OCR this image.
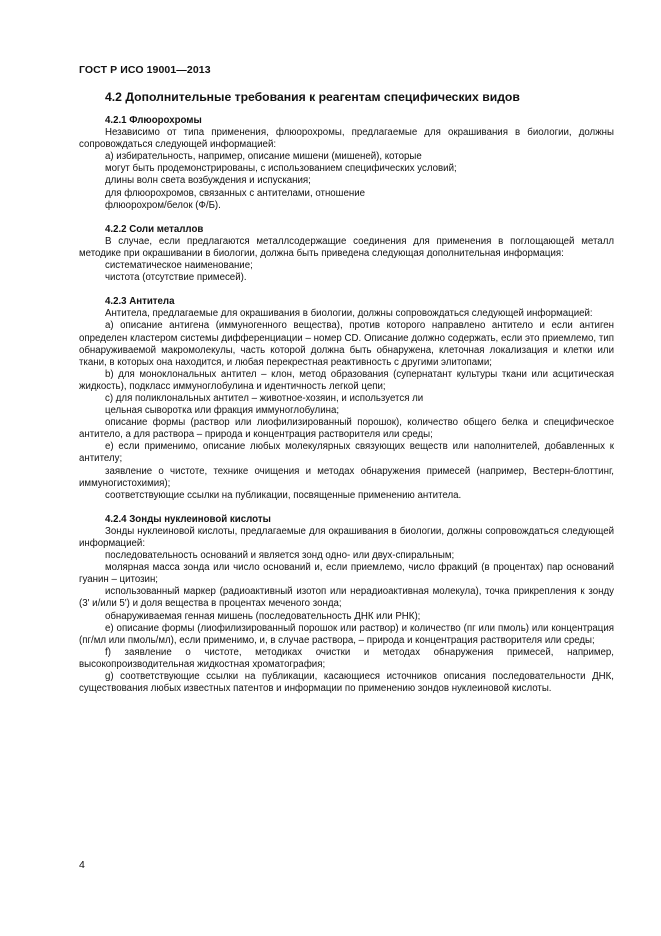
ГОСТ Р ИСО 19001—2013
4.2 Дополнительные требования к реагентам специфических видов

4.2.1 Флюорохромы

Независимо от типа применения, флюорохромы, предлагаемые для окрашивания в биологии, должны сопровождаться следующей информацией:

а) избирательность, например, описание мишени (мишеней), которые

могут быть продемонстрированы, с использованием специфических условий;

длины волн света возбуждения и испускания;

для флюорохромов, связанных с антителами, отношение

флюорохром/белок (Ф/Б).

4.2.2 Соли металлов

В случае, если предлагаются металлсодержащие соединения для применения в поглощающей металл методике при окрашивании в биологии, должна быть приведена следующая дополнительная информация:

систематическое наименование;

чистота (отсутствие примесей).

4.2.3 Антитела

Антитела, предлагаемые для окрашивания в биологии, должны сопровождаться следующей информацией:

а) описание антигена (иммуногенного вещества), против которого направлено антитело и если антиген определен кластером системы дифференциации – номер CD. Описание должно содержать, если это приемлемо, тип обнаруживаемой макромолекулы, часть которой должна быть обнаружена, клеточная локализация и клетки или ткани, в которых она находится, и любая перекрестная реактивность с другими элитопами;

b) для моноклональных антител – клон, метод образования (супернатант культуры ткани или асцитическая жидкость), подкласс иммуноглобулина и идентичность легкой цепи;

с) для поликлональных антител – животное-хозяин, и используется ли

цельная сыворотка или фракция иммуноглобулина;

описание формы (раствор или лиофилизированный порошок), количество общего белка и специфическое антитело, а для раствора – природа и концентрация растворителя или среды;

е) если применимо, описание любых молекулярных связующих веществ или наполнителей, добавленных к антителу;

заявление о чистоте, технике очищения и методах обнаружения примесей (например, Вестерн-блоттинг, иммуногистохимия);

соответствующие ссылки на публикации, посвященные применению антитела.

4.2.4 Зонды нуклеиновой кислоты

Зонды нуклеиновой кислоты, предлагаемые для окрашивания в биологии, должны сопровождаться следующей информацией:

последовательность оснований и является зонд одно- или двух-спиральным;

молярная масса зонда или число оснований и, если приемлемо, число фракций (в процентах) пар оснований гуанин – цитозин;

использованный маркер (радиоактивный изотоп или нерадиоактивная молекула), точка прикрепления к зонду (3' и/или 5') и доля вещества в процентах меченого зонда;

обнаруживаемая генная мишень (последовательность ДНК или РНК);

е) описание формы (лиофилизированный порошок или раствор) и количество (пг или пмоль) или концентрация (пг/мл или пмоль/мл), если применимо, и, в случае раствора, – природа и концентрация растворителя или среды;

f) заявление о чистоте, методиках очистки и методах обнаружения примесей, например, высокопроизводительная жидкостная хроматография;

g) соответствующие ссылки на публикации, касающиеся источников описания последовательности ДНК, существования любых известных патентов и информации по применению зондов нуклеиновой кислоты.

4
